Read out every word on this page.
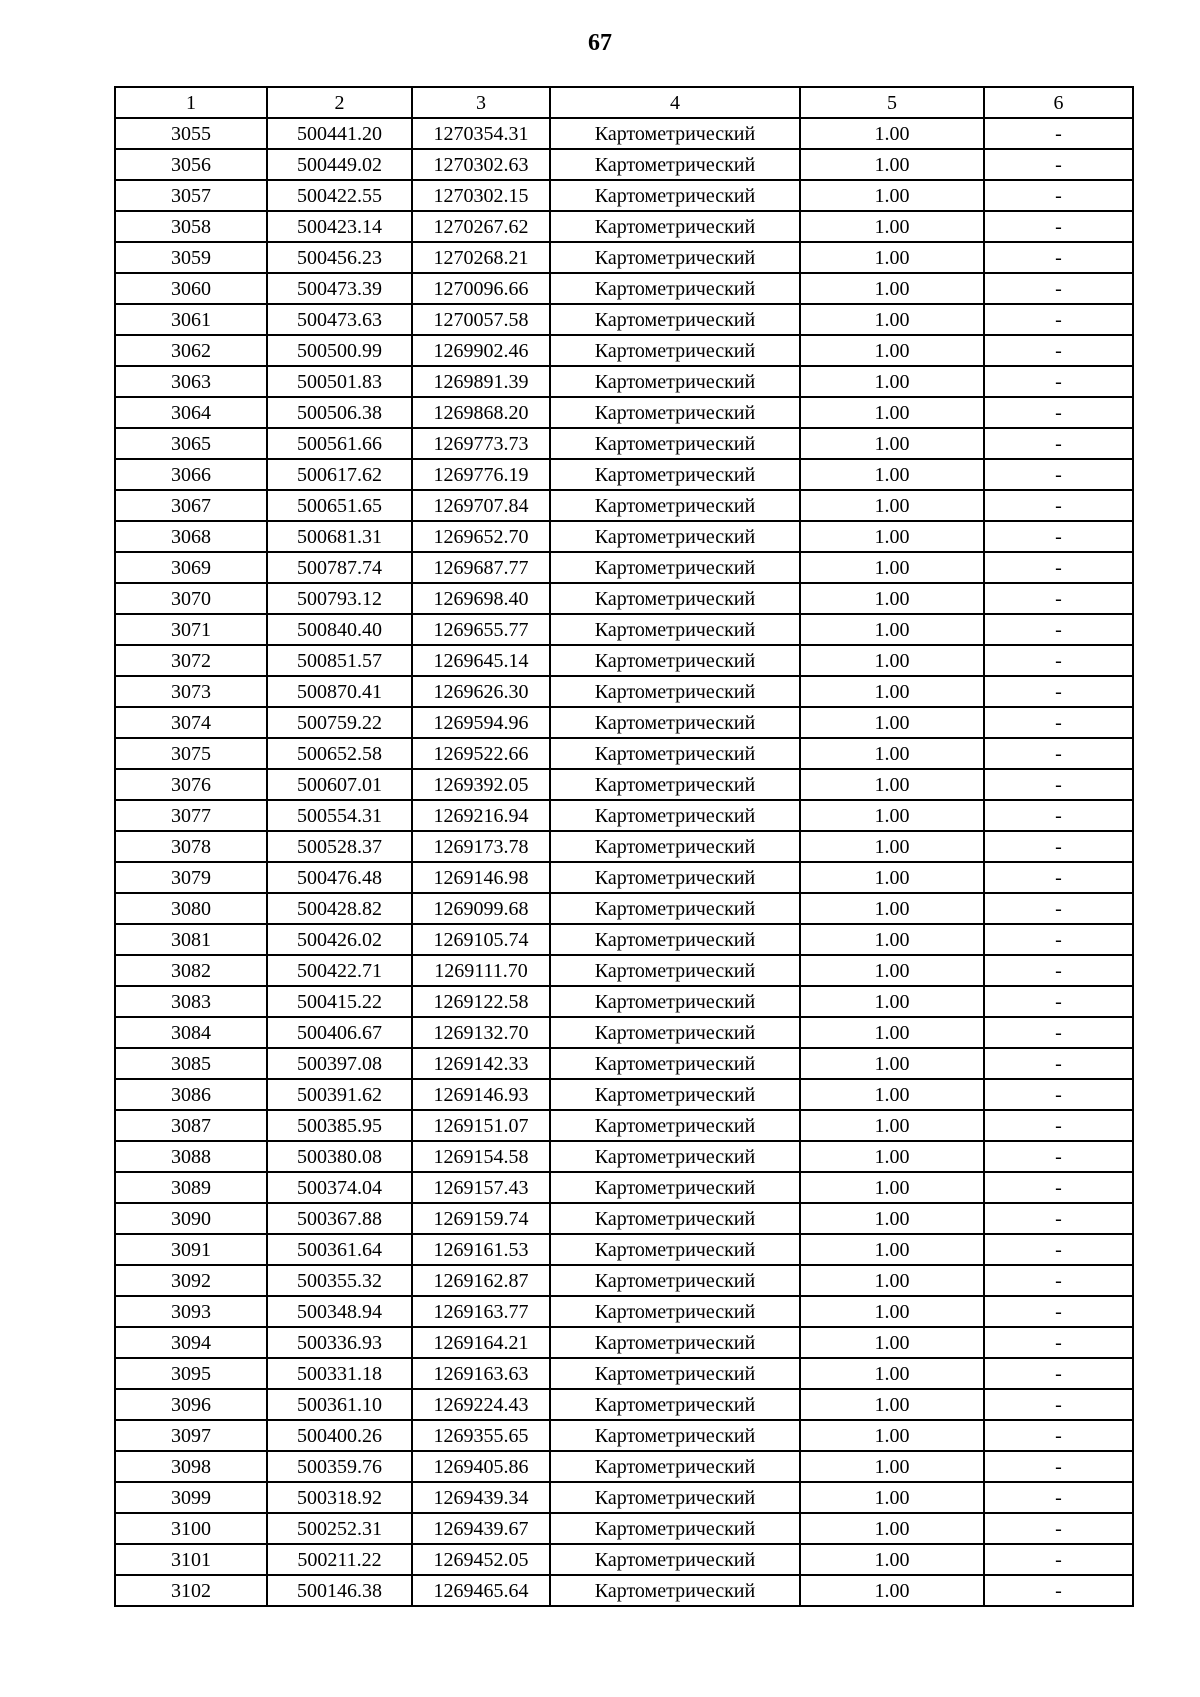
67
1	2	3	4	5	6
3055	500441.20	1270354.31	Картометрический	1.00	-
3056	500449.02	1270302.63	Картометрический	1.00	-
3057	500422.55	1270302.15	Картометрический	1.00	-
3058	500423.14	1270267.62	Картометрический	1.00	-
3059	500456.23	1270268.21	Картометрический	1.00	-
3060	500473.39	1270096.66	Картометрический	1.00	-
3061	500473.63	1270057.58	Картометрический	1.00	-
3062	500500.99	1269902.46	Картометрический	1.00	-
3063	500501.83	1269891.39	Картометрический	1.00	-
3064	500506.38	1269868.20	Картометрический	1.00	-
3065	500561.66	1269773.73	Картометрический	1.00	-
3066	500617.62	1269776.19	Картометрический	1.00	-
3067	500651.65	1269707.84	Картометрический	1.00	-
3068	500681.31	1269652.70	Картометрический	1.00	-
3069	500787.74	1269687.77	Картометрический	1.00	-
3070	500793.12	1269698.40	Картометрический	1.00	-
3071	500840.40	1269655.77	Картометрический	1.00	-
3072	500851.57	1269645.14	Картометрический	1.00	-
3073	500870.41	1269626.30	Картометрический	1.00	-
3074	500759.22	1269594.96	Картометрический	1.00	-
3075	500652.58	1269522.66	Картометрический	1.00	-
3076	500607.01	1269392.05	Картометрический	1.00	-
3077	500554.31	1269216.94	Картометрический	1.00	-
3078	500528.37	1269173.78	Картометрический	1.00	-
3079	500476.48	1269146.98	Картометрический	1.00	-
3080	500428.82	1269099.68	Картометрический	1.00	-
3081	500426.02	1269105.74	Картометрический	1.00	-
3082	500422.71	1269111.70	Картометрический	1.00	-
3083	500415.22	1269122.58	Картометрический	1.00	-
3084	500406.67	1269132.70	Картометрический	1.00	-
3085	500397.08	1269142.33	Картометрический	1.00	-
3086	500391.62	1269146.93	Картометрический	1.00	-
3087	500385.95	1269151.07	Картометрический	1.00	-
3088	500380.08	1269154.58	Картометрический	1.00	-
3089	500374.04	1269157.43	Картометрический	1.00	-
3090	500367.88	1269159.74	Картометрический	1.00	-
3091	500361.64	1269161.53	Картометрический	1.00	-
3092	500355.32	1269162.87	Картометрический	1.00	-
3093	500348.94	1269163.77	Картометрический	1.00	-
3094	500336.93	1269164.21	Картометрический	1.00	-
3095	500331.18	1269163.63	Картометрический	1.00	-
3096	500361.10	1269224.43	Картометрический	1.00	-
3097	500400.26	1269355.65	Картометрический	1.00	-
3098	500359.76	1269405.86	Картометрический	1.00	-
3099	500318.92	1269439.34	Картометрический	1.00	-
3100	500252.31	1269439.67	Картометрический	1.00	-
3101	500211.22	1269452.05	Картометрический	1.00	-
3102	500146.38	1269465.64	Картометрический	1.00	-
